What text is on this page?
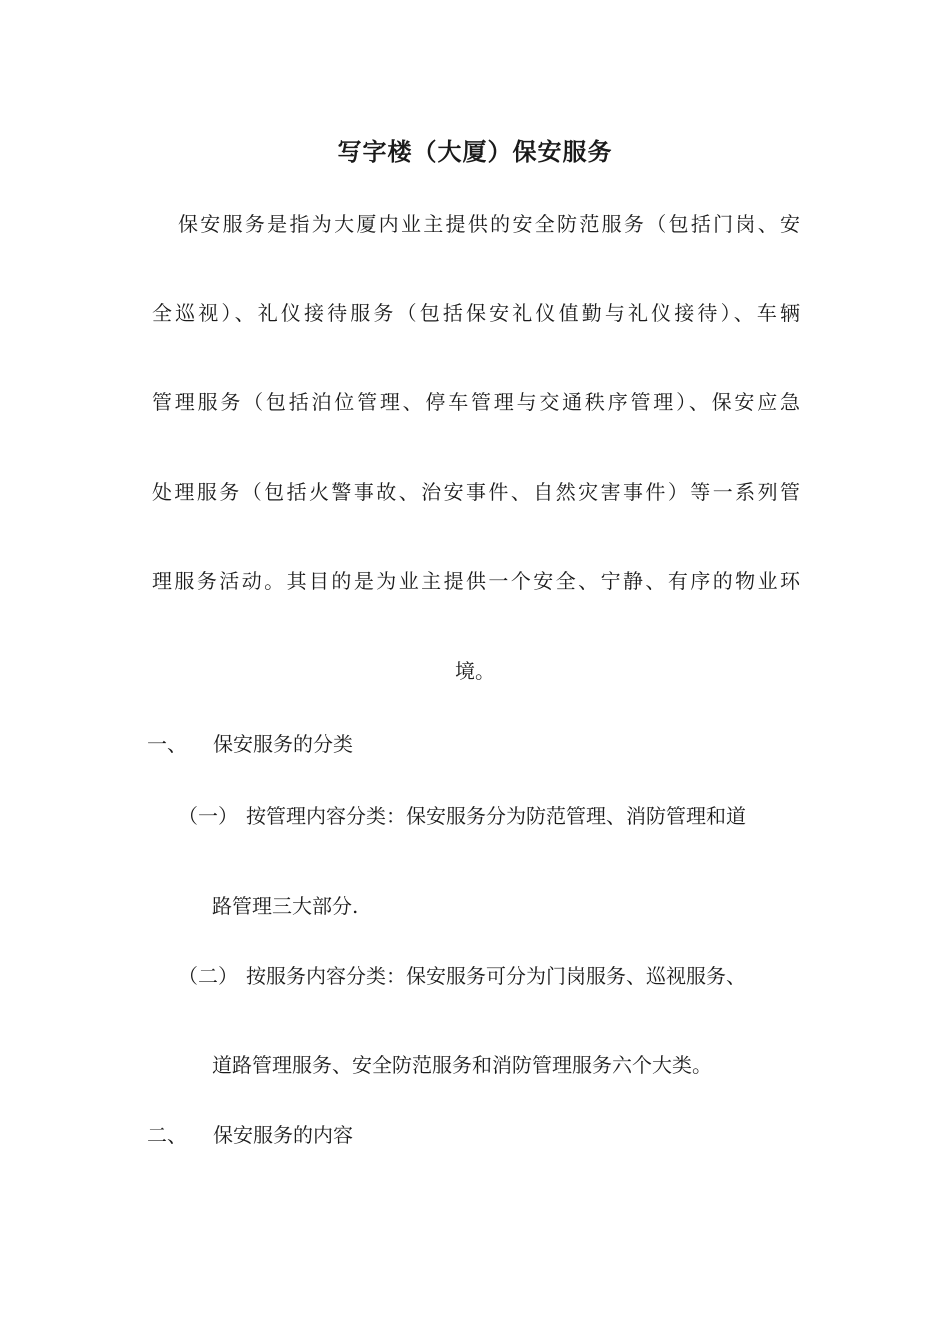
写字楼（大厦）保安服务

保安服务是指为大厦内业主提供的安全防范服务（包括门岗、安

全巡视）、礼仪接待服务（包括保安礼仪值勤与礼仪接待）、车辆

管理服务（包括泊位管理、停车管理与交通秩序管理）、保安应急

处理服务（包括火警事故、治安事件、自然灾害事件）等一系列管

理服务活动。其目的是为业主提供一个安全、宁静、有序的物业环

境。

一、 保安服务的分类
（一） 按管理内容分类：保安服务分为防范管理、消防管理和道

路管理三大部分.

（二） 按服务内容分类：保安服务可分为门岗服务、巡视服务、

道路管理服务、安全防范服务和消防管理服务六个大类。

二、 保安服务的内容
